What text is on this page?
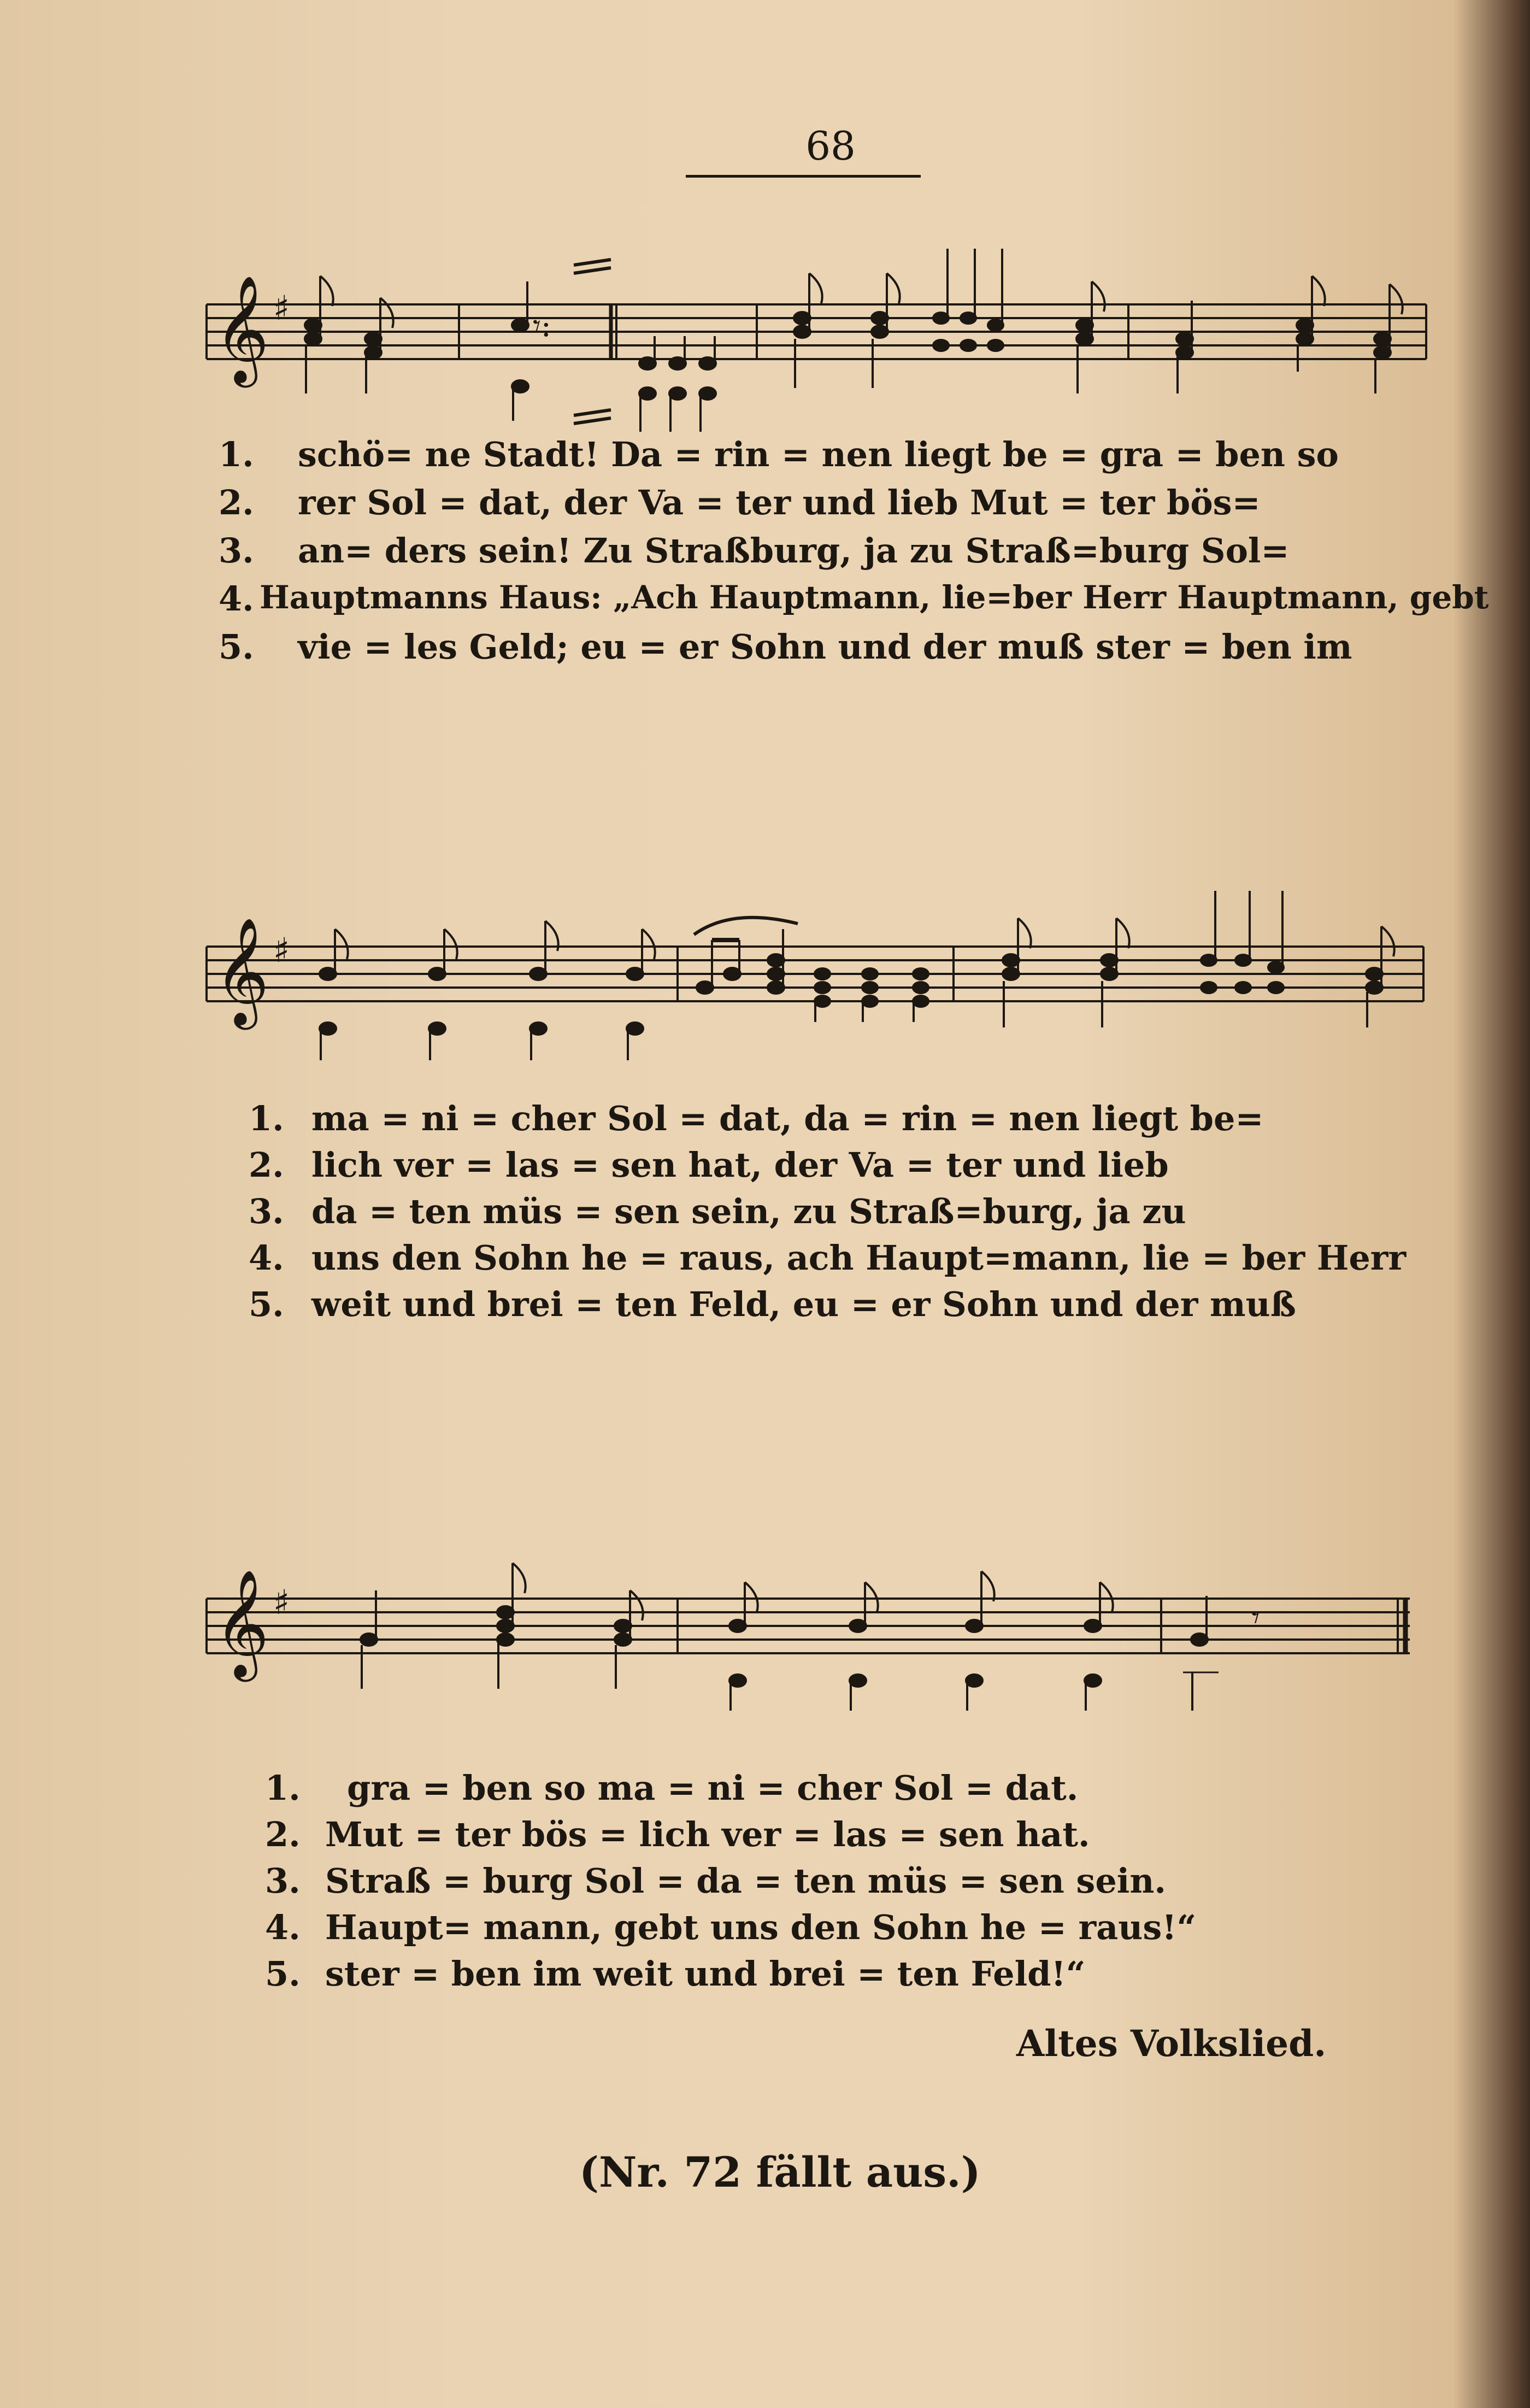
68
𝄞 ♯	𝄾:
1. schö= ne Stadt! Da = rin = nen liegt be = gra = ben so
2. rer Sol = dat, der Va = ter und lieb Mut = ter bös=
3. an= ders sein! Zu Straßburg, ja zu Straß=burg Sol=
4. Hauptmanns Haus: „Ach Hauptmann, lie=ber Herr Hauptmann, gebt
5. vie = les Geld; eu = er Sohn und der muß ster = ben im
𝄞 ♯
1. ma = ni = cher Sol = dat, da = rin = nen liegt be=
2. lich ver = las = sen hat, der Va = ter und lieb
3. da = ten müs = sen sein, zu Straß=burg, ja zu
4. uns den Sohn he = raus, ach Haupt=mann, lie = ber Herr
5. weit und brei = ten Feld, eu = er Sohn und der muß
𝄞 ♯	𝄾
1. gra = ben so ma = ni = cher Sol = dat.
2. Mut = ter bös = lich ver = las = sen hat.
3. Straß = burg Sol = da = ten müs = sen sein.
4. Haupt= mann, gebt uns den Sohn he = raus!“
5. ster = ben im weit und brei = ten Feld!“
Altes Volkslied.
(Nr. 72 fällt aus.)
